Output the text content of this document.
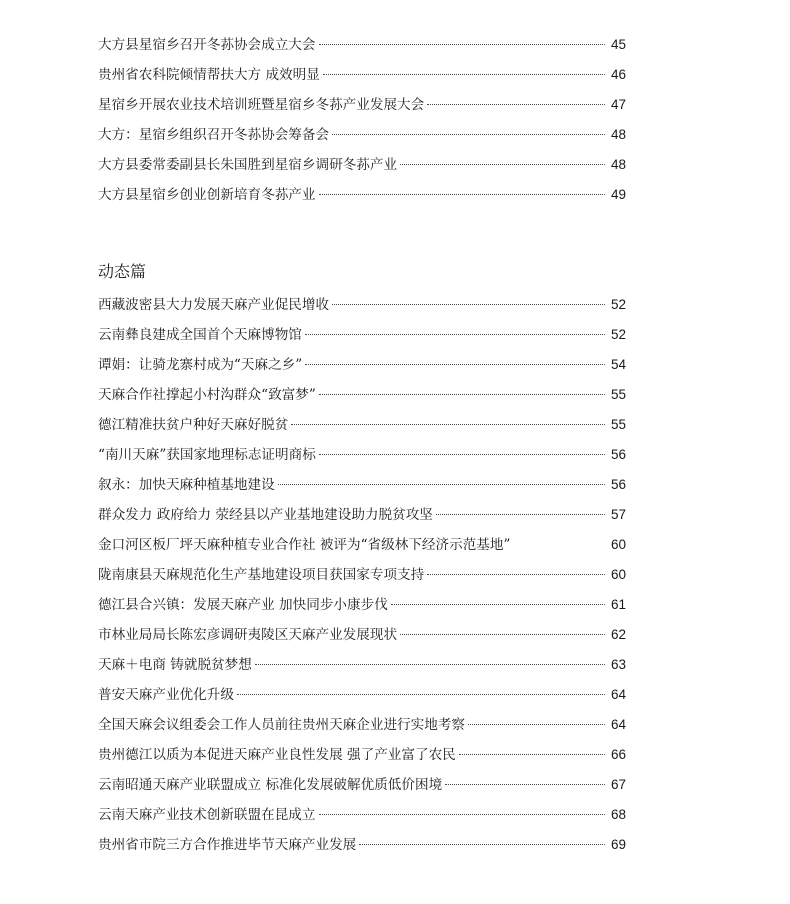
大方县星宿乡召开冬荪协会成立大会	45
贵州省农科院倾情帮扶大方 成效明显	46
星宿乡开展农业技术培训班暨星宿乡冬荪产业发展大会	47
大方：星宿乡组织召开冬荪协会筹备会	48
大方县委常委副县长朱国胜到星宿乡调研冬荪产业	48
大方县星宿乡创业创新培育冬荪产业	49
动态篇
西藏波密县大力发展天麻产业促民增收	52
云南彝良建成全国首个天麻博物馆	52
谭娟：让骑龙寨村成为“天麻之乡”	54
天麻合作社撑起小村沟群众“致富梦”	55
德江精准扶贫户种好天麻好脱贫	55
“南川天麻”获国家地理标志证明商标	56
叙永：加快天麻种植基地建设	56
群众发力 政府给力 荥经县以产业基地建设助力脱贫攻坚	57
金口河区板厂坪天麻种植专业合作社 被评为“省级林下经济示范基地”	60
陇南康县天麻规范化生产基地建设项目获国家专项支持	60
德江县合兴镇：发展天麻产业 加快同步小康步伐	61
市林业局局长陈宏彦调研夷陵区天麻产业发展现状	62
天麻＋电商 铸就脱贫梦想	63
普安天麻产业优化升级	64
全国天麻会议组委会工作人员前往贵州天麻企业进行实地考察	64
贵州德江以质为本促进天麻产业良性发展 强了产业富了农民	66
云南昭通天麻产业联盟成立 标准化发展破解优质低价困境	67
云南天麻产业技术创新联盟在昆成立	68
贵州省市院三方合作推进毕节天麻产业发展	69
